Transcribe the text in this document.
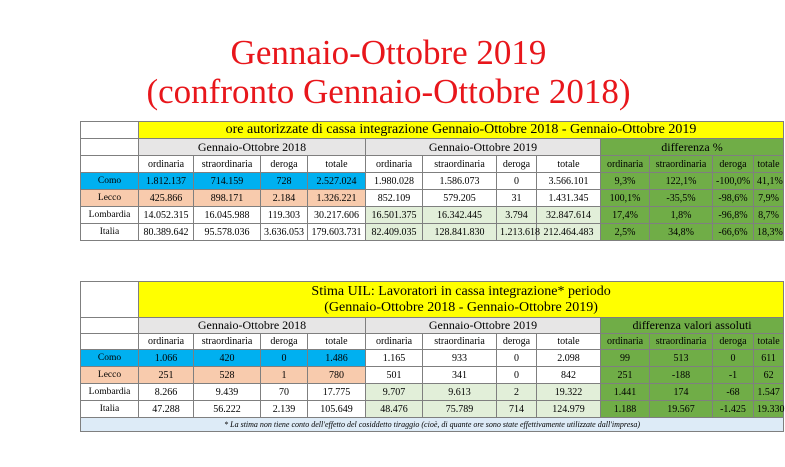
Gennaio-Ottobre 2019
(confronto Gennaio-Ottobre 2018)
	ore autorizzate di cassa integrazione Gennaio-Ottobre 2018 - Gennaio-Ottobre 2019											
	Gennaio-Ottobre 2018				Gennaio-Ottobre 2019				differenza %			
	ordinaria	straordinaria	deroga	totale	ordinaria	straordinaria	deroga	totale	ordinaria	straordinaria	deroga	totale
Como	1.812.137	714.159	728	2.527.024	1.980.028	1.586.073	0	3.566.101	9,3%	122,1%	-100,0%	41,1%
Lecco	425.866	898.171	2.184	1.326.221	852.109	579.205	31	1.431.345	100,1%	-35,5%	-98,6%	7,9%
Lombardia	14.052.315	16.045.988	119.303	30.217.606	16.501.375	16.342.445	3.794	32.847.614	17,4%	1,8%	-96,8%	8,7%
Italia	80.389.642	95.578.036	3.636.053	179.603.731	82.409.035	128.841.830	1.213.618	212.464.483	2,5%	34,8%	-66,6%	18,3%

	Stima UIL: Lavoratori in cassa integrazione* periodo
(Gennaio-Ottobre 2018 - Gennaio-Ottobre 2019)											

	Gennaio-Ottobre 2018				Gennaio-Ottobre 2019				differenza valori assoluti			
	ordinaria	straordinaria	deroga	totale	ordinaria	straordinaria	deroga	totale	ordinaria	straordinaria	deroga	totale
Como	1.066	420	0	1.486	1.165	933	0	2.098	99	513	0	611
Lecco	251	528	1	780	501	341	0	842	251	-188	-1	62
Lombardia	8.266	9.439	70	17.775	9.707	9.613	2	19.322	1.441	174	-68	1.547
Italia	47.288	56.222	2.139	105.649	48.476	75.789	714	124.979	1.188	19.567	-1.425	19.330
* La stima non tiene conto dell'effetto del cosiddetto tiraggio (cioè, di quante ore sono state effettivamente utilizzate dall'impresa)												
